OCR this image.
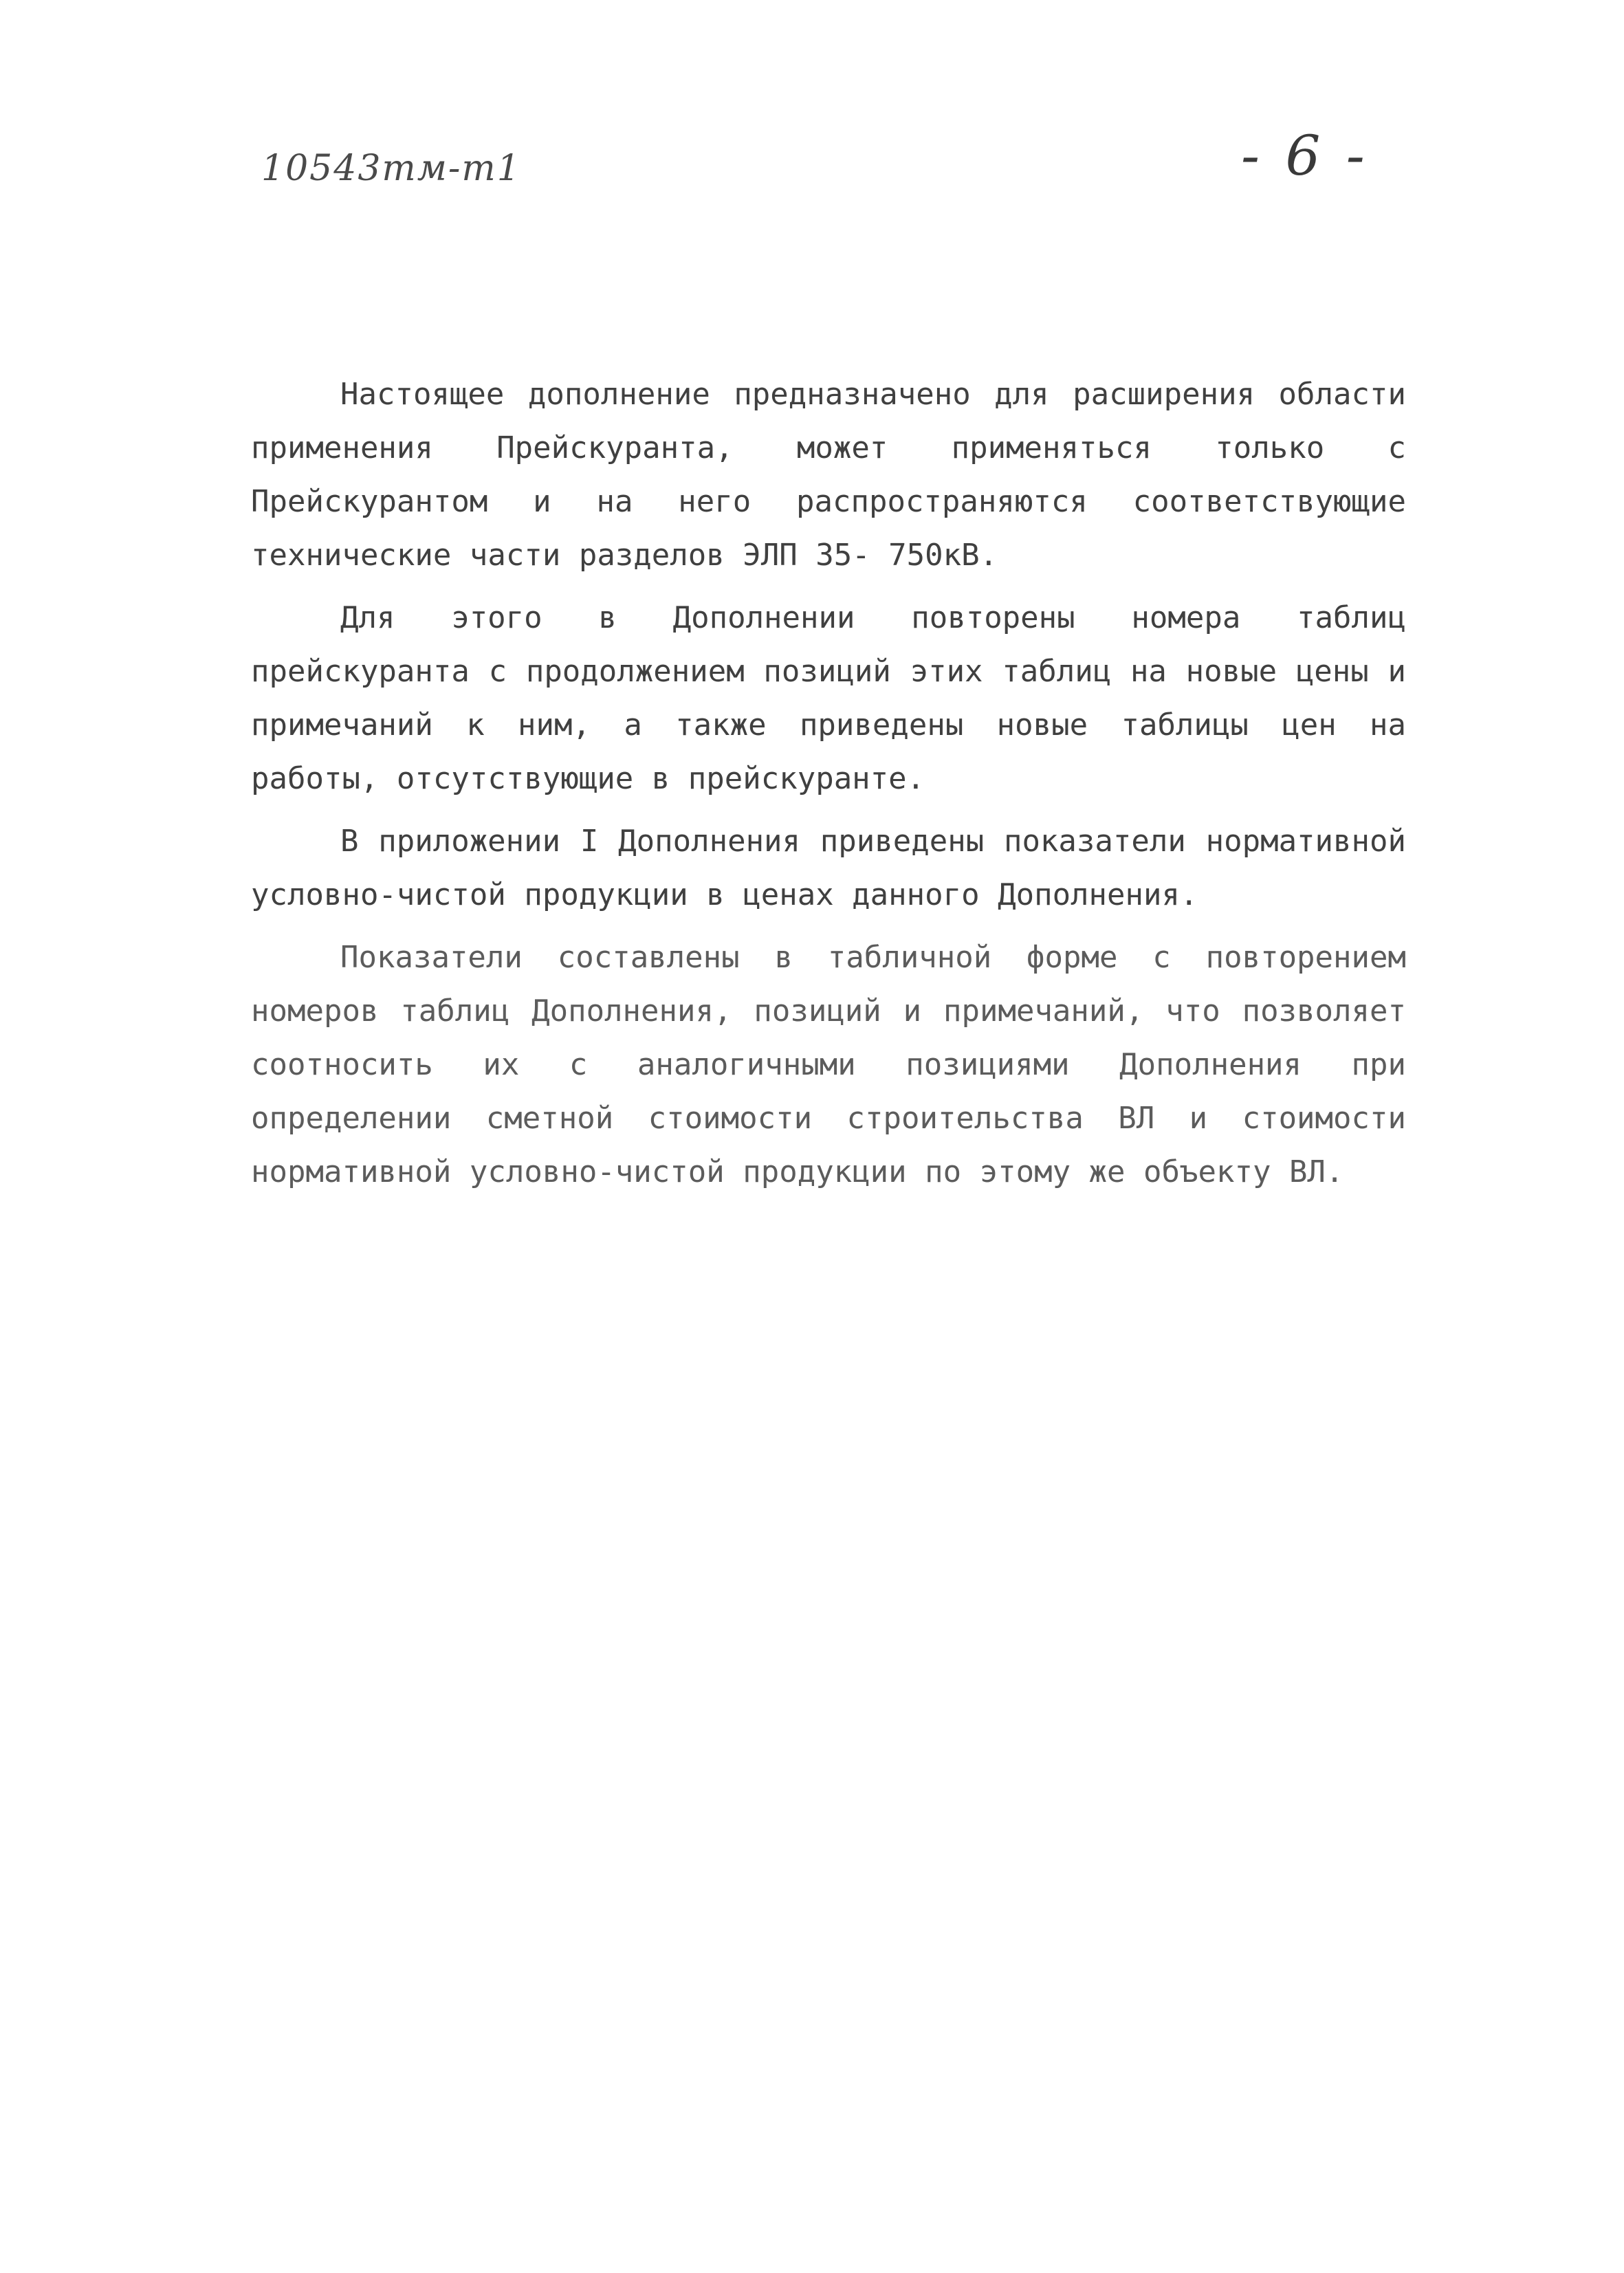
10543тм-т1	- 6 -

Настоящее дополнение предназначено для расширения области применения Прейскуранта, может применяться только с Прейскурантом и на него распространяются соответствующие технические части разделов ЭЛП 35- 750кВ.

Для этого в Дополнении повторены номера таблиц прейскуранта с продолжением позиций этих таблиц на новые цены и примечаний к ним, а также приведены новые таблицы цен на работы, отсутствующие в прейскуранте.

В приложении I Дополнения приведены показатели нормативной условно-чистой продукции в ценах данного Дополнения.

Показатели составлены в табличной форме с повторением номеров таблиц Дополнения, позиций и примечаний, что позволяет соотносить их с аналогичными позициями Дополнения при определении сметной стоимости строительства ВЛ и стоимости нормативной условно-чистой продукции по этому же объекту ВЛ.
